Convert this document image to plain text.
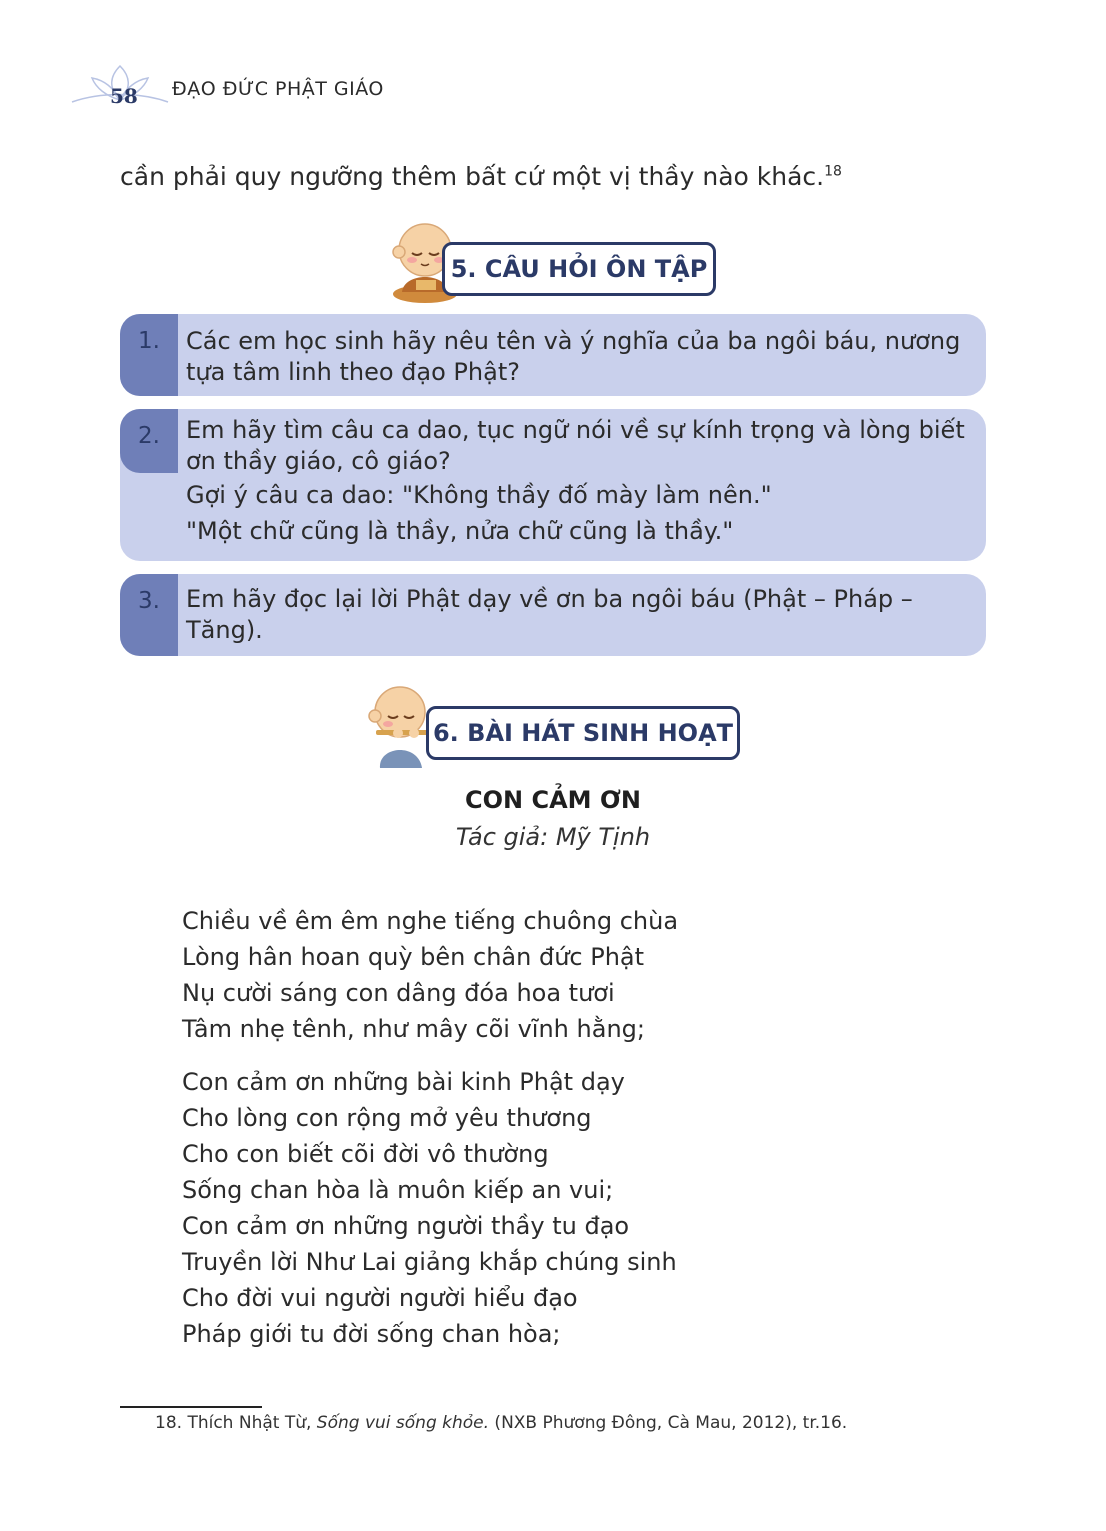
58 ĐẠO ĐỨC PHẬT GIÁO
cần phải quy ngưỡng thêm bất cứ một vị thầy nào khác.$^{18}$
5. CÂU HỎI ÔN TẬP
1.	Các em học sinh hãy nêu tên và ý nghĩa của ba ngôi báu, nương
tựa tâm linh theo đạo Phật?
2.	Em hãy tìm câu ca dao, tục ngữ nói về sự kính trọng và lòng biết
ơn thầy giáo, cô giáo?
Gợi ý câu ca dao: "Không thầy đố mày làm nên."
"Một chữ cũng là thầy, nửa chữ cũng là thầy."
3.	Em hãy đọc lại lời Phật dạy về ơn ba ngôi báu (Phật – Pháp –
Tăng).
6. BÀI HÁT SINH HOẠT
CON CẢM ƠN
Tác giả: Mỹ Tịnh
Chiều về êm êm nghe tiếng chuông chùa
Lòng hân hoan quỳ bên chân đức Phật
Nụ cười sáng con dâng đóa hoa tươi
Tâm nhẹ tênh, như mây cõi vĩnh hằng;
Con cảm ơn những bài kinh Phật dạy
Cho lòng con rộng mở yêu thương
Cho con biết cõi đời vô thường
Sống chan hòa là muôn kiếp an vui;
Con cảm ơn những người thầy tu đạo
Truyền lời Như Lai giảng khắp chúng sinh
Cho đời vui người người hiểu đạo
Pháp giới tu đời sống chan hòa;
18. Thích Nhật Từ, Sống vui sống khỏe. (NXB Phương Đông, Cà Mau, 2012), tr.16.
